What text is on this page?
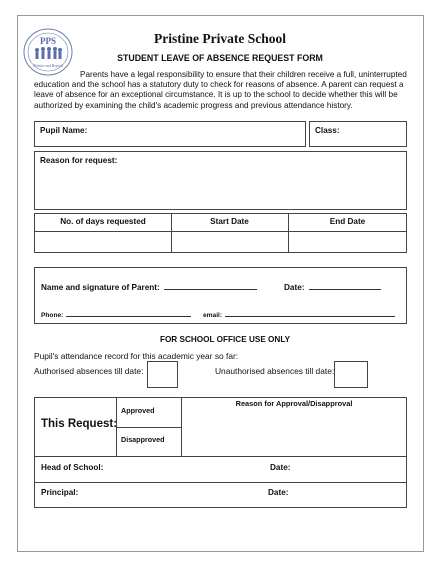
PPS
Pristine and Beyond
Pristine Private School
STUDENT LEAVE OF ABSENCE REQUEST FORM
Parents have a legal responsibility to ensure that their children receive a full, uninterrupted education and the school has a statutory duty to check for reasons of absence. A parent can request a leave of absence for an exceptional circumstance. It is up to the school to decide whether this will be authorized by examining the child's academic progress and previous attendance history.
Pupil Name:	Class:
Reason for request:
No. of days requested	Start Date	End Date
Name and signature of Parent:	Date:
Phone:	email:
FOR SCHOOL OFFICE USE ONLY
Pupil's attendance record for this academic year so far:
Authorised absences till date:	Unauthorised absences till date:
This Request:
Approved
Disapproved
Reason for Approval/Disapproval
Head of School:	Date:
Principal:	Date:
